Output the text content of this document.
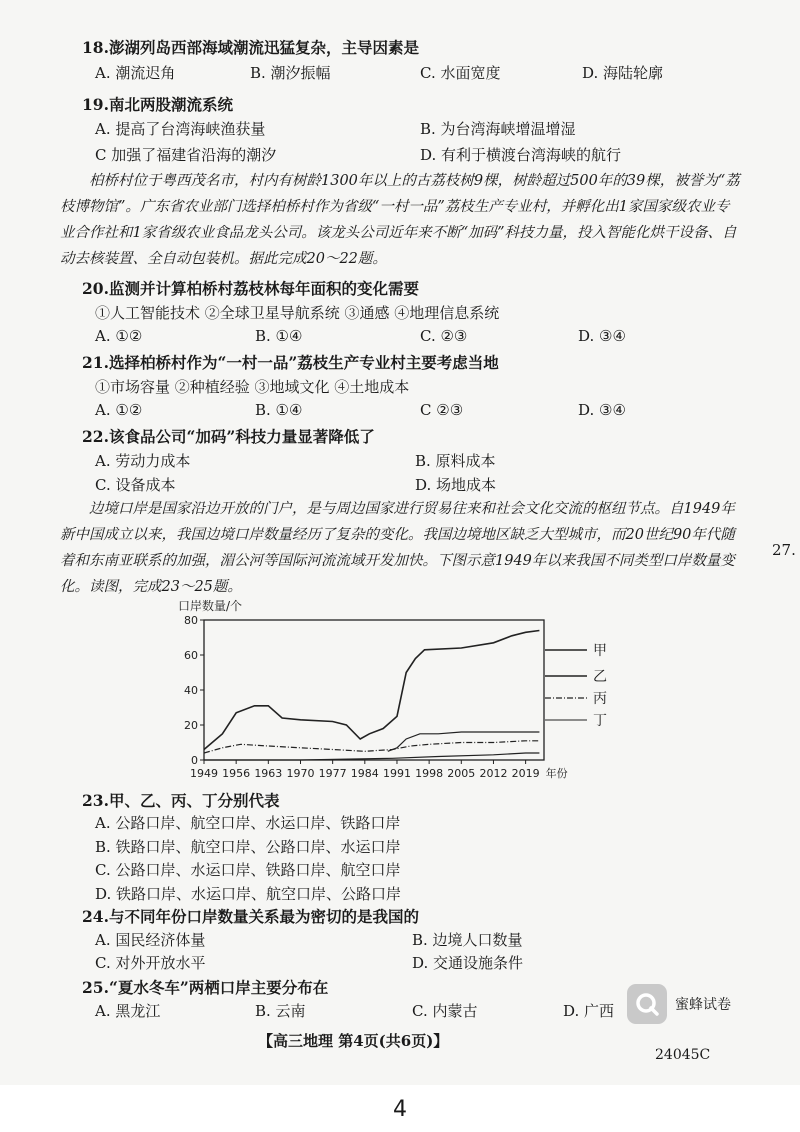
18.澎湖列岛西部海域潮流迅猛复杂，主导因素是
A. 潮流迟角	B. 潮汐振幅	C. 水面宽度	D. 海陆轮廓
19.南北两股潮流系统
A. 提高了台湾海峡渔获量	B. 为台湾海峡增温增湿
C 加强了福建省沿海的潮汐	D. 有利于横渡台湾海峡的航行
柏桥村位于粤西茂名市，村内有树龄1300年以上的古荔枝树9棵，树龄超过500年的39棵，被誉为“荔枝博物馆”。广东省农业部门选择柏桥村作为省级“一村一品”荔枝生产专业村，并孵化出1家国家级农业专业合作社和1家省级农业食品龙头公司。该龙头公司近年来不断“加码”科技力量，投入智能化烘干设备、自动去核装置、全自动包装机。据此完成20～22题。
20.监测并计算柏桥村荔枝林每年面积的变化需要
①人工智能技术 ②全球卫星导航系统 ③通感 ④地理信息系统
A. ①②	B. ①④	C. ②③	D. ③④
21.选择柏桥村作为“一村一品”荔枝生产专业村主要考虑当地
①市场容量 ②种植经验 ③地域文化 ④土地成本
A. ①②	B. ①④	C ②③	D. ③④
22.该食品公司“加码”科技力量显著降低了
A. 劳动力成本	B. 原料成本
C. 设备成本	D. 场地成本
边境口岸是国家沿边开放的门户，是与周边国家进行贸易往来和社会文化交流的枢纽节点。自1949年新中国成立以来，我国边境口岸数量经历了复杂的变化。我国边境地区缺乏大型城市，而20世纪90年代随着和东南亚联系的加强，湄公河等国际河流流域开发加快。下图示意1949年以来我国不同类型口岸数量变化。读图，完成23～25题。
27.
口岸数量/个
0
20
40
60
80
1949 1956 1963 1970 1977 1984 1991 1998 2005 2012 2019 年份
甲
乙
丙
丁
23.甲、乙、丙、丁分别代表
A. 公路口岸、航空口岸、水运口岸、铁路口岸
B. 铁路口岸、航空口岸、公路口岸、水运口岸
C. 公路口岸、水运口岸、铁路口岸、航空口岸
D. 铁路口岸、水运口岸、航空口岸、公路口岸
24.与不同年份口岸数量关系最为密切的是我国的
A. 国民经济体量	B. 边境人口数量
C. 对外开放水平	D. 交通设施条件
25.“夏水冬车”两栖口岸主要分布在
A. 黑龙江	B. 云南	C. 内蒙古	D. 广西	蜜蜂试卷
【高三地理 第4页(共6页)】
24045C
4
